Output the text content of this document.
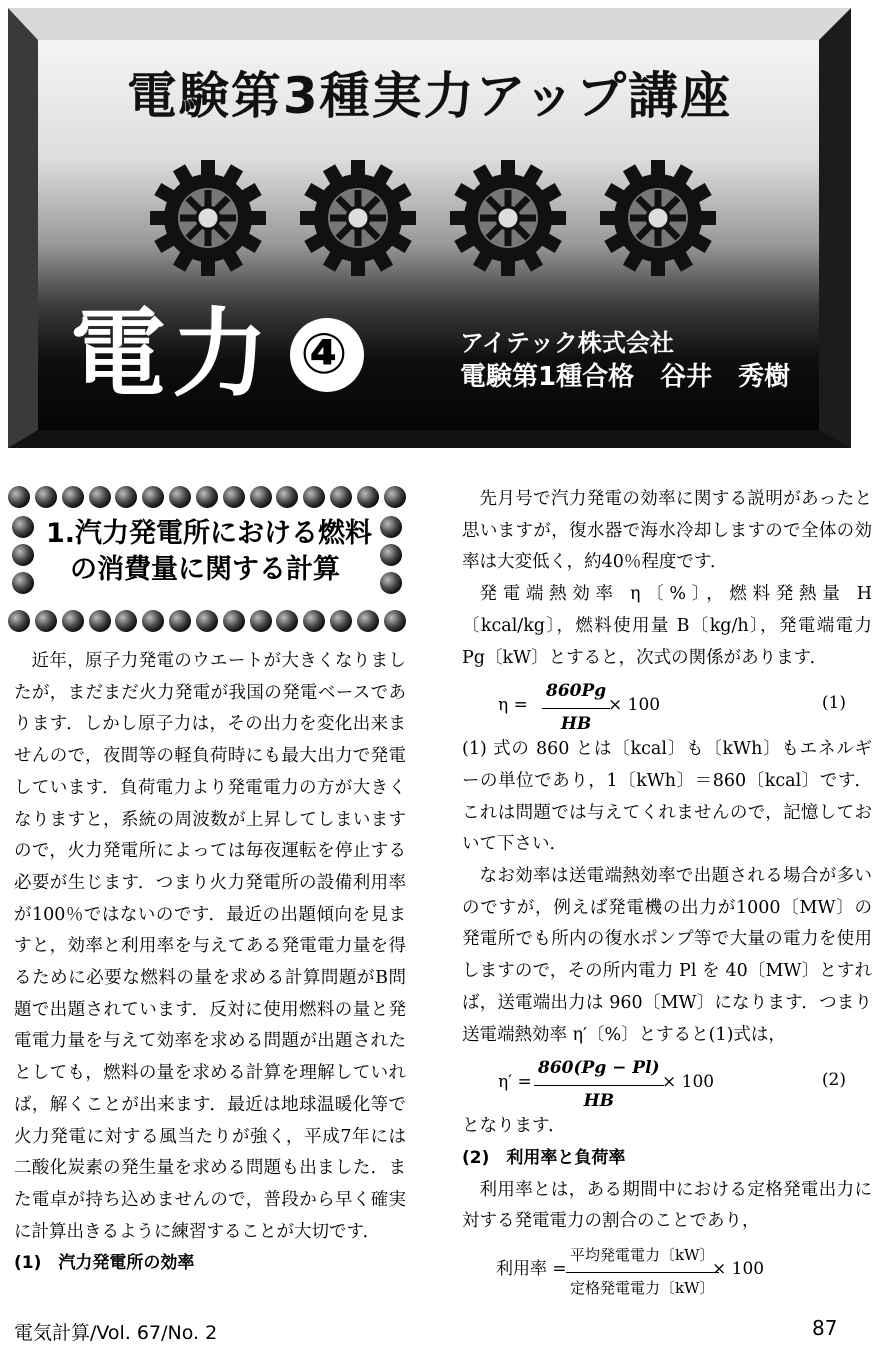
電験第3種実力アップ講座
電力 ④	アイテック株式会社
電験第1種合格　 谷井　秀樹
1.汽力発電所における燃料
の消費量に関する計算

近年，原子力発電のウエートが大きくなりましたが，まだまだ火力発電が我国の発電ベースであります．しかし原子力は，その出力を変化出来ませんので，夜間等の軽負荷時にも最大出力で発電しています．負荷電力より発電電力の方が大きくなりますと，系統の周波数が上昇してしまいますので，火力発電所によっては毎夜運転を停止する必要が生じます．つまり火力発電所の設備利用率が100％ではないのです．最近の出題傾向を見ますと，効率と利用率を与えてある発電電力量を得るために必要な燃料の量を求める計算問題がB問題で出題されています．反対に使用燃料の量と発電電力量を与えて効率を求める問題が出題されたとしても，燃料の量を求める計算を理解していれば，解くことが出来ます．最近は地球温暖化等で火力発電に対する風当たりが強く，平成7年には二酸化炭素の発生量を求める問題も出ました．また電卓が持ち込めませんので，普段から早く確実に計算出きるように練習することが大切です．

(1)　汽力発電所の効率

先月号で汽力発電の効率に関する説明があったと思いますが，復水器で海水冷却しますので全体の効率は大変低く，約40％程度です．

発電端熱効率 η〔%〕，燃料発熱量 H〔kcal/kg〕，燃料使用量 B〔kg/h〕，発電端電力 Pg〔kW〕とすると，次式の関係があります．

$\eta = \frac{860Pg}{HB}$
× 100	(1)

(1) 式の 860 とは〔kcal〕も〔kWh〕もエネルギーの単位であり，1〔kWh〕＝860〔kcal〕です．これは問題では与えてくれませんので，記憶しておいて下さい．

なお効率は送電端熱効率で出題される場合が多いのですが，例えば発電機の出力が1000〔MW〕の発電所でも所内の復水ポンプ等で大量の電力を使用しますので，その所内電力 Pl を 40〔MW〕とすれば，送電端出力は 960〔MW〕になります．つまり送電端熱効率 η′〔%〕とすると(1)式は，

$\eta' = \frac{860(Pg - Pl)}{HB}$
× 100	(2)

となります．

(2)　利用率と負荷率

利用率とは，ある期間中における定格発電出力に対する発電電力の割合のことであり，

利用率 =
平均発電電力〔kW〕
定格発電電力〔kW〕
× 100
電気計算/Vol. 67/No. 2	87
